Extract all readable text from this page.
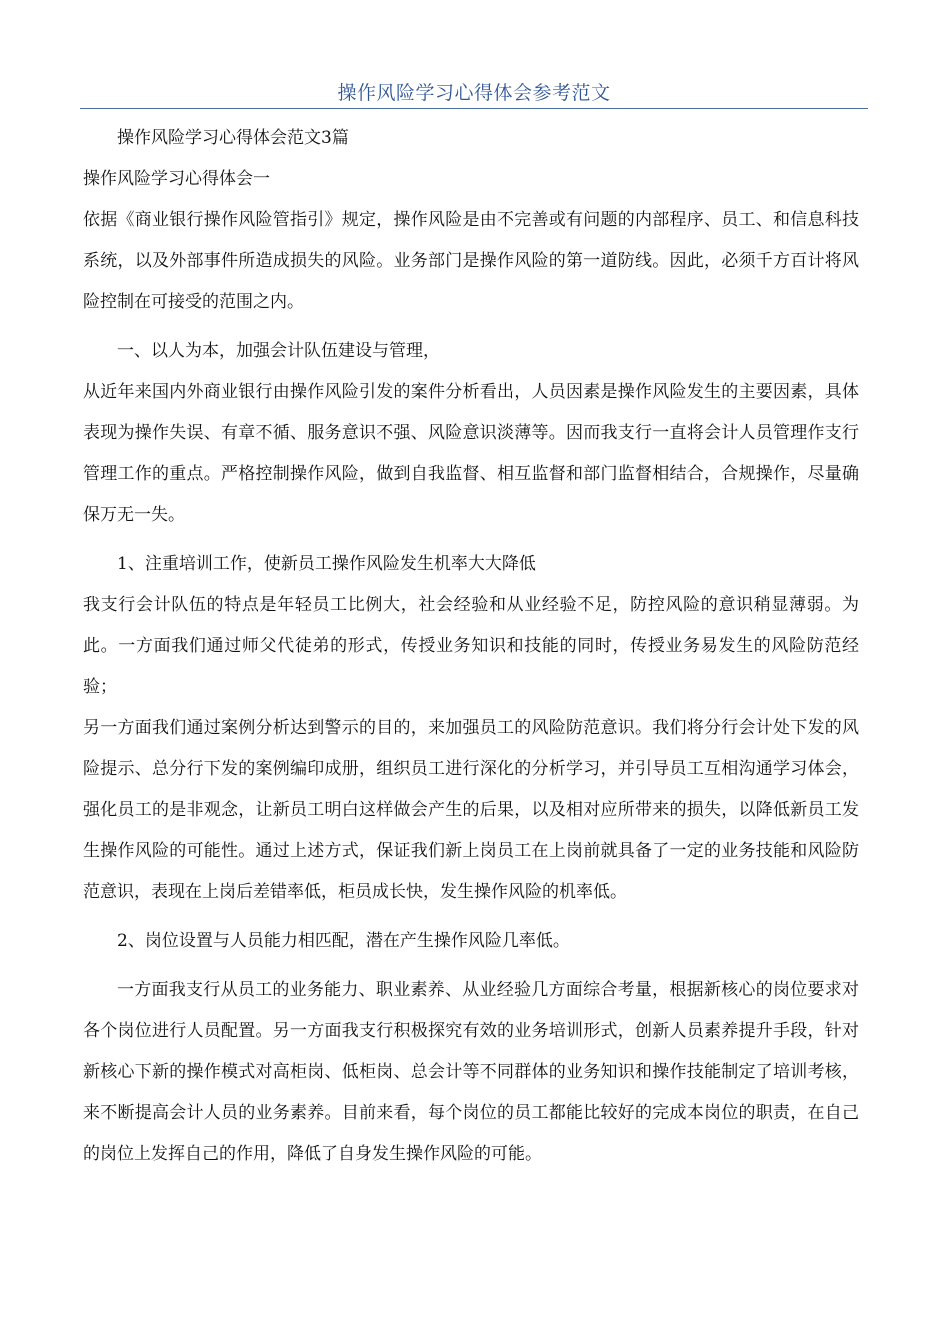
操作风险学习心得体会参考范文

操作风险学习心得体会范文3篇

操作风险学习心得体会一

依据《商业银行操作风险管指引》规定，操作风险是由不完善或有问题的内部程序、员工、和信息科技系统，以及外部事件所造成损失的风险。业务部门是操作风险的第一道防线。因此，必须千方百计将风险控制在可接受的范围之内。

一、以人为本，加强会计队伍建设与管理，

从近年来国内外商业银行由操作风险引发的案件分析看出，人员因素是操作风险发生的主要因素，具体表现为操作失误、有章不循、服务意识不强、风险意识淡薄等。因而我支行一直将会计人员管理作支行管理工作的重点。严格控制操作风险，做到自我监督、相互监督和部门监督相结合，合规操作，尽量确保万无一失。

1、注重培训工作，使新员工操作风险发生机率大大降低

我支行会计队伍的特点是年轻员工比例大，社会经验和从业经验不足，防控风险的意识稍显薄弱。为此。一方面我们通过师父代徒弟的形式，传授业务知识和技能的同时，传授业务易发生的风险防范经验；

另一方面我们通过案例分析达到警示的目的，来加强员工的风险防范意识。我们将分行会计处下发的风险提示、总分行下发的案例编印成册，组织员工进行深化的分析学习，并引导员工互相沟通学习体会，强化员工的是非观念，让新员工明白这样做会产生的后果，以及相对应所带来的损失，以降低新员工发生操作风险的可能性。通过上述方式，保证我们新上岗员工在上岗前就具备了一定的业务技能和风险防范意识，表现在上岗后差错率低，柜员成长快，发生操作风险的机率低。

2、岗位设置与人员能力相匹配，潜在产生操作风险几率低。

一方面我支行从员工的业务能力、职业素养、从业经验几方面综合考量，根据新核心的岗位要求对各个岗位进行人员配置。另一方面我支行积极探究有效的业务培训形式，创新人员素养提升手段，针对新核心下新的操作模式对高柜岗、低柜岗、总会计等不同群体的业务知识和操作技能制定了培训考核，来不断提高会计人员的业务素养。目前来看，每个岗位的员工都能比较好的完成本岗位的职责，在自己的岗位上发挥自己的作用，降低了自身发生操作风险的可能。
